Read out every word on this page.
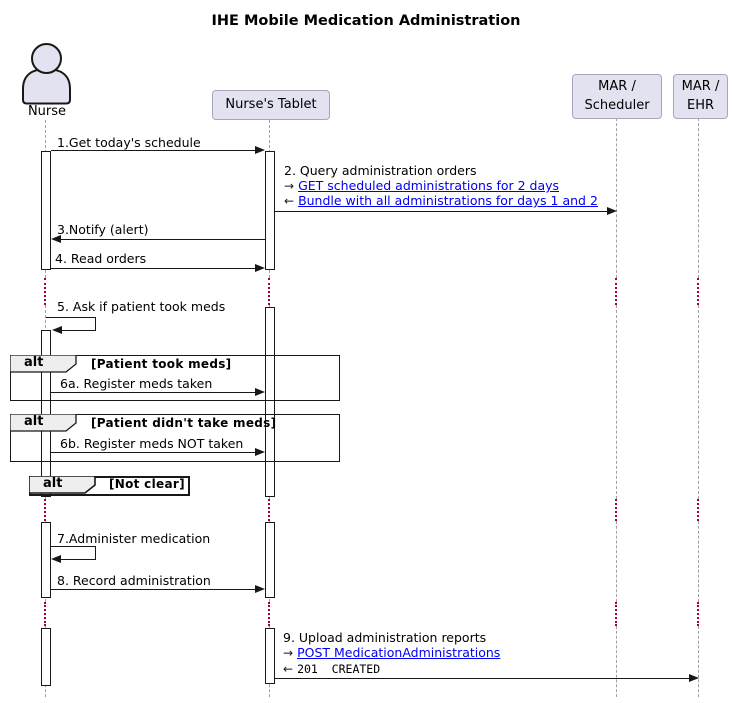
IHE Mobile Medication Administration
alt	[Patient took meds]
alt	[Patient didn't take meds]
alt	[Not clear]
1.Get today's schedule
2. Query administration orders
→ GET scheduled administrations for 2 days
← Bundle with all administrations for days 1 and 2
3.Notify (alert)
4. Read orders
5. Ask if patient took meds
6a. Register meds taken
6b. Register meds NOT taken
7.Administer medication
8. Record administration
9. Upload administration reports
→ POST MedicationAdministrations
← 201  CREATED
Nurse	Nurse's Tablet
MAR /
Scheduler
MAR /
EHR
